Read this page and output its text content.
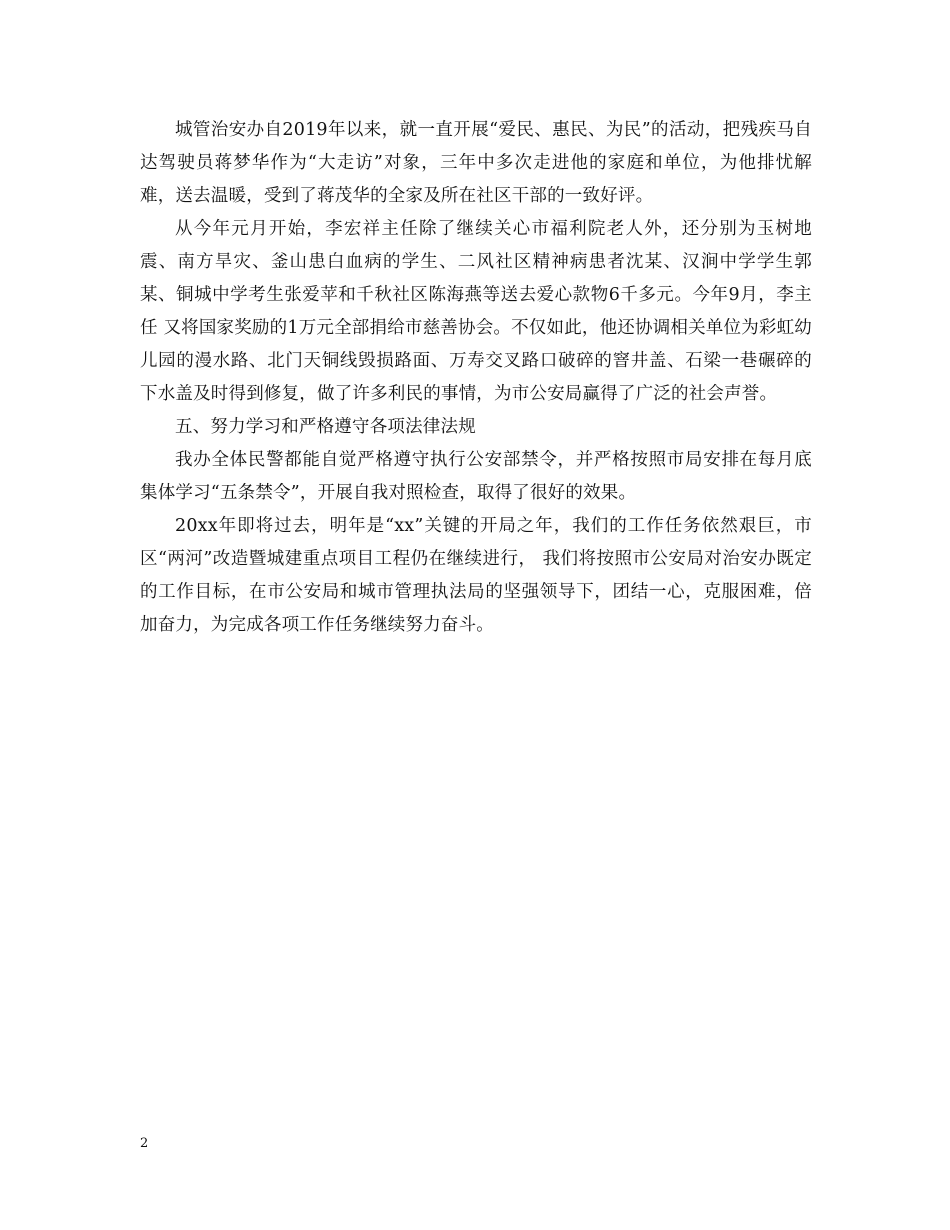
城管治安办自2019年以来，就一直开展“爱民、惠民、为民”的活动，把残疾马自达驾驶员蒋梦华作为“大走访”对象，三年中多次走进他的家庭和单位，为他排忧解难，送去温暖，受到了蒋茂华的全家及所在社区干部的一致好评。

从今年元月开始，李宏祥主任除了继续关心市福利院老人外，还分别为玉树地震、南方旱灾、釜山患白血病的学生、二风社区精神病患者沈某、汉涧中学学生郭某、铜城中学考生张爱苹和千秋社区陈海燕等送去爱心款物6千多元。今年9月，李主任 又将国家奖励的1万元全部捐给市慈善协会。不仅如此，他还协调相关单位为彩虹幼儿园的漫水路、北门天铜线毁损路面、万寿交叉路口破碎的窨井盖、石梁一巷碾碎的下水盖及时得到修复，做了许多利民的事情，为市公安局赢得了广泛的社会声誉。

五、努力学习和严格遵守各项法律法规

我办全体民警都能自觉严格遵守执行公安部禁令，并严格按照市局安排在每月底集体学习“五条禁令”，开展自我对照检查，取得了很好的效果。

20xx年即将过去，明年是“xx”关键的开局之年，我们的工作任务依然艰巨，市区“两河”改造暨城建重点项目工程仍在继续进行， 我们将按照市公安局对治安办既定的工作目标，在市公安局和城市管理执法局的坚强领导下，团结一心，克服困难，倍加奋力，为完成各项工作任务继续努力奋斗。

2
